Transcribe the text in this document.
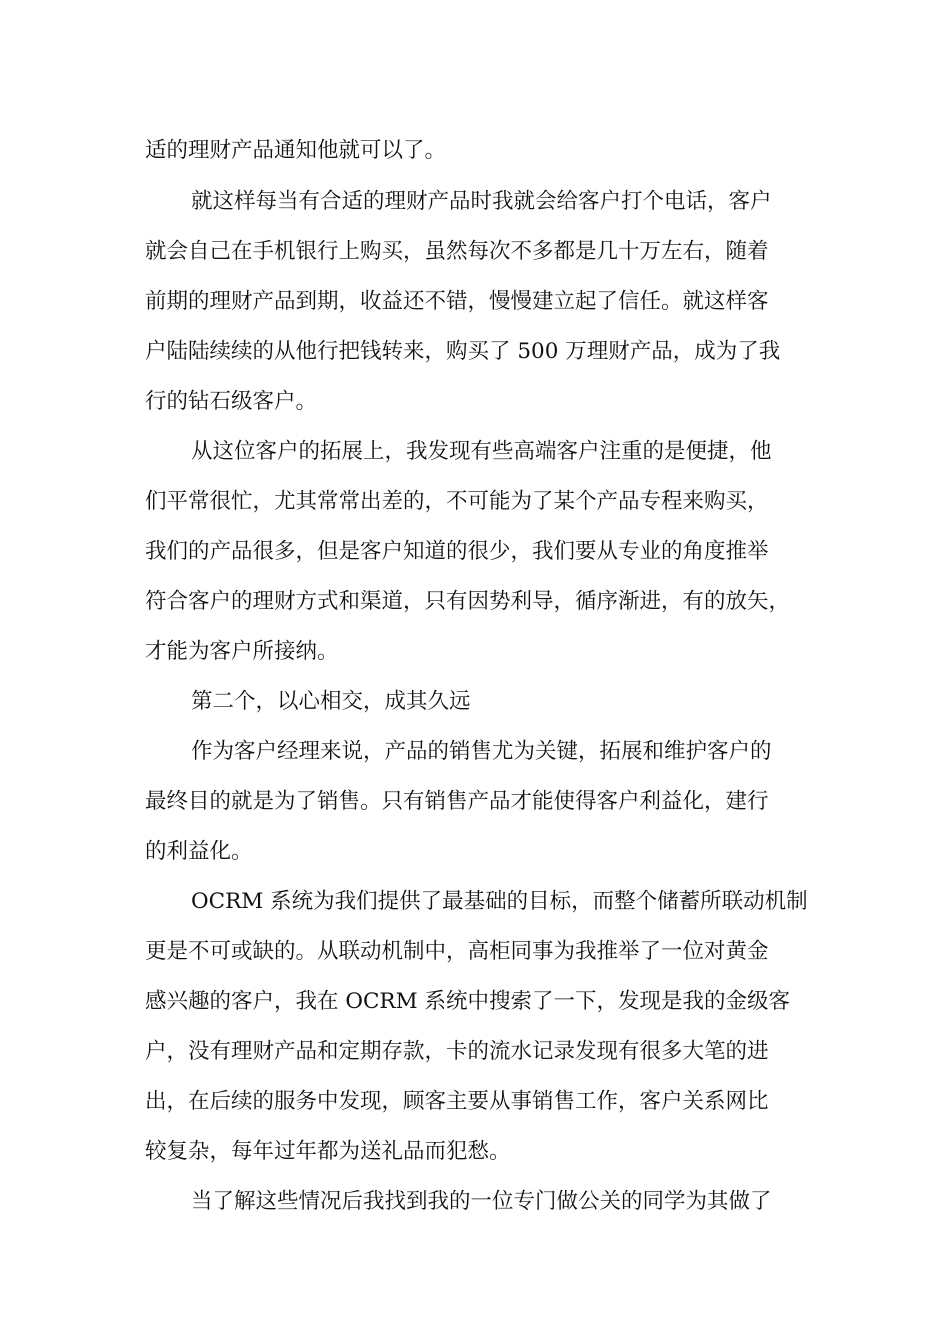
适的理财产品通知他就可以了。
就这样每当有合适的理财产品时我就会给客户打个电话，客户
就会自己在手机银行上购买，虽然每次不多都是几十万左右，随着
前期的理财产品到期，收益还不错，慢慢建立起了信任。就这样客
户陆陆续续的从他行把钱转来，购买了 500 万理财产品，成为了我
行的钻石级客户。
从这位客户的拓展上，我发现有些高端客户注重的是便捷，他
们平常很忙，尤其常常出差的，不可能为了某个产品专程来购买，
我们的产品很多，但是客户知道的很少，我们要从专业的角度推举
符合客户的理财方式和渠道，只有因势利导，循序渐进，有的放矢，
才能为客户所接纳。
第二个，以心相交，成其久远
作为客户经理来说，产品的销售尤为关键，拓展和维护客户的
最终目的就是为了销售。只有销售产品才能使得客户利益化，建行
的利益化。
OCRM 系统为我们提供了最基础的目标，而整个储蓄所联动机制
更是不可或缺的。从联动机制中，高柜同事为我推举了一位对黄金
感兴趣的客户，我在 OCRM 系统中搜索了一下，发现是我的金级客
户，没有理财产品和定期存款，卡的流水记录发现有很多大笔的进
出，在后续的服务中发现，顾客主要从事销售工作，客户关系网比
较复杂，每年过年都为送礼品而犯愁。
当了解这些情况后我找到我的一位专门做公关的同学为其做了
